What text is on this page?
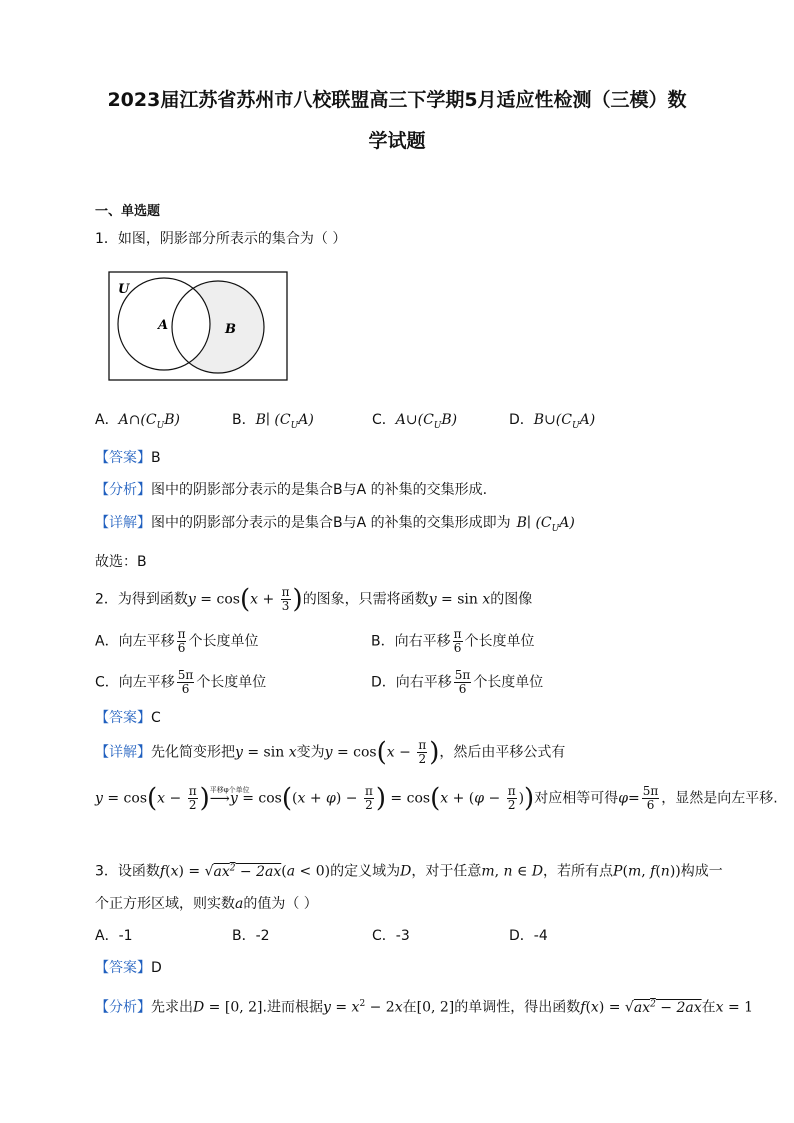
2023届江苏省苏州市八校联盟高三下学期5月适应性检测（三模）数
学试题
一、单选题
1．如图，阴影部分所表示的集合为（ ）
U
A	B
A．$A\cap(C_UB)$	B．B∣ $(C_UA)$	C．$A\cup(C_UB)$	D．$B\cup(C_UA)$
【答案】B
【分析】图中的阴影部分表示的是集合B与A 的补集的交集形成.
【详解】图中的阴影部分表示的是集合B与A 的补集的交集形成即为 B∣ $(C_UA)$
故选：B
2．为得到函数$y = \cos(x + \frac{\pi}{3}$ )的图象，只需将函数y = sin x的图像
A．向左平移 $\frac{\pi}{6}$ 个长度单位	B．向右平移 $\frac{\pi}{6}$ 个长度单位
C．向左平移 $\frac{5\pi}{6}$ 个长度单位	D．向右平移 $\frac{5\pi}{6}$ 个长度单位
【答案】C
【详解】先化简变形把y = sin x变为$y = \cos(x - \frac{\pi}{2}$ )，然后由平移公式有
$y = \cos(x - \frac{\pi}{2}$ ) 平移φ个单位
⟶y = $\cos((x + \varphi) - \frac{\pi}{2}$ ) = $\cos(x + (\varphi - \frac{\pi}{2}$ ))对应相等可得$\varphi= \frac{5\pi}{6}$ ，显然是向左平移.
3．设函数$f(x) = √ax^2 - 2ax(a < 0)$的定义域为D，对于任意m, n ∈ D，若所有点P(m, f(n))构成一
个正方形区域，则实数a的值为（ ）
A．-1	B．-2	C．-3	D．-4
【答案】D
【分析】先求出D = [0, 2].进而根据$y = x^2 - 2x$在[0, 2]的单调性，得出函数$f(x) = √ax^2 - 2ax$在x = 1
